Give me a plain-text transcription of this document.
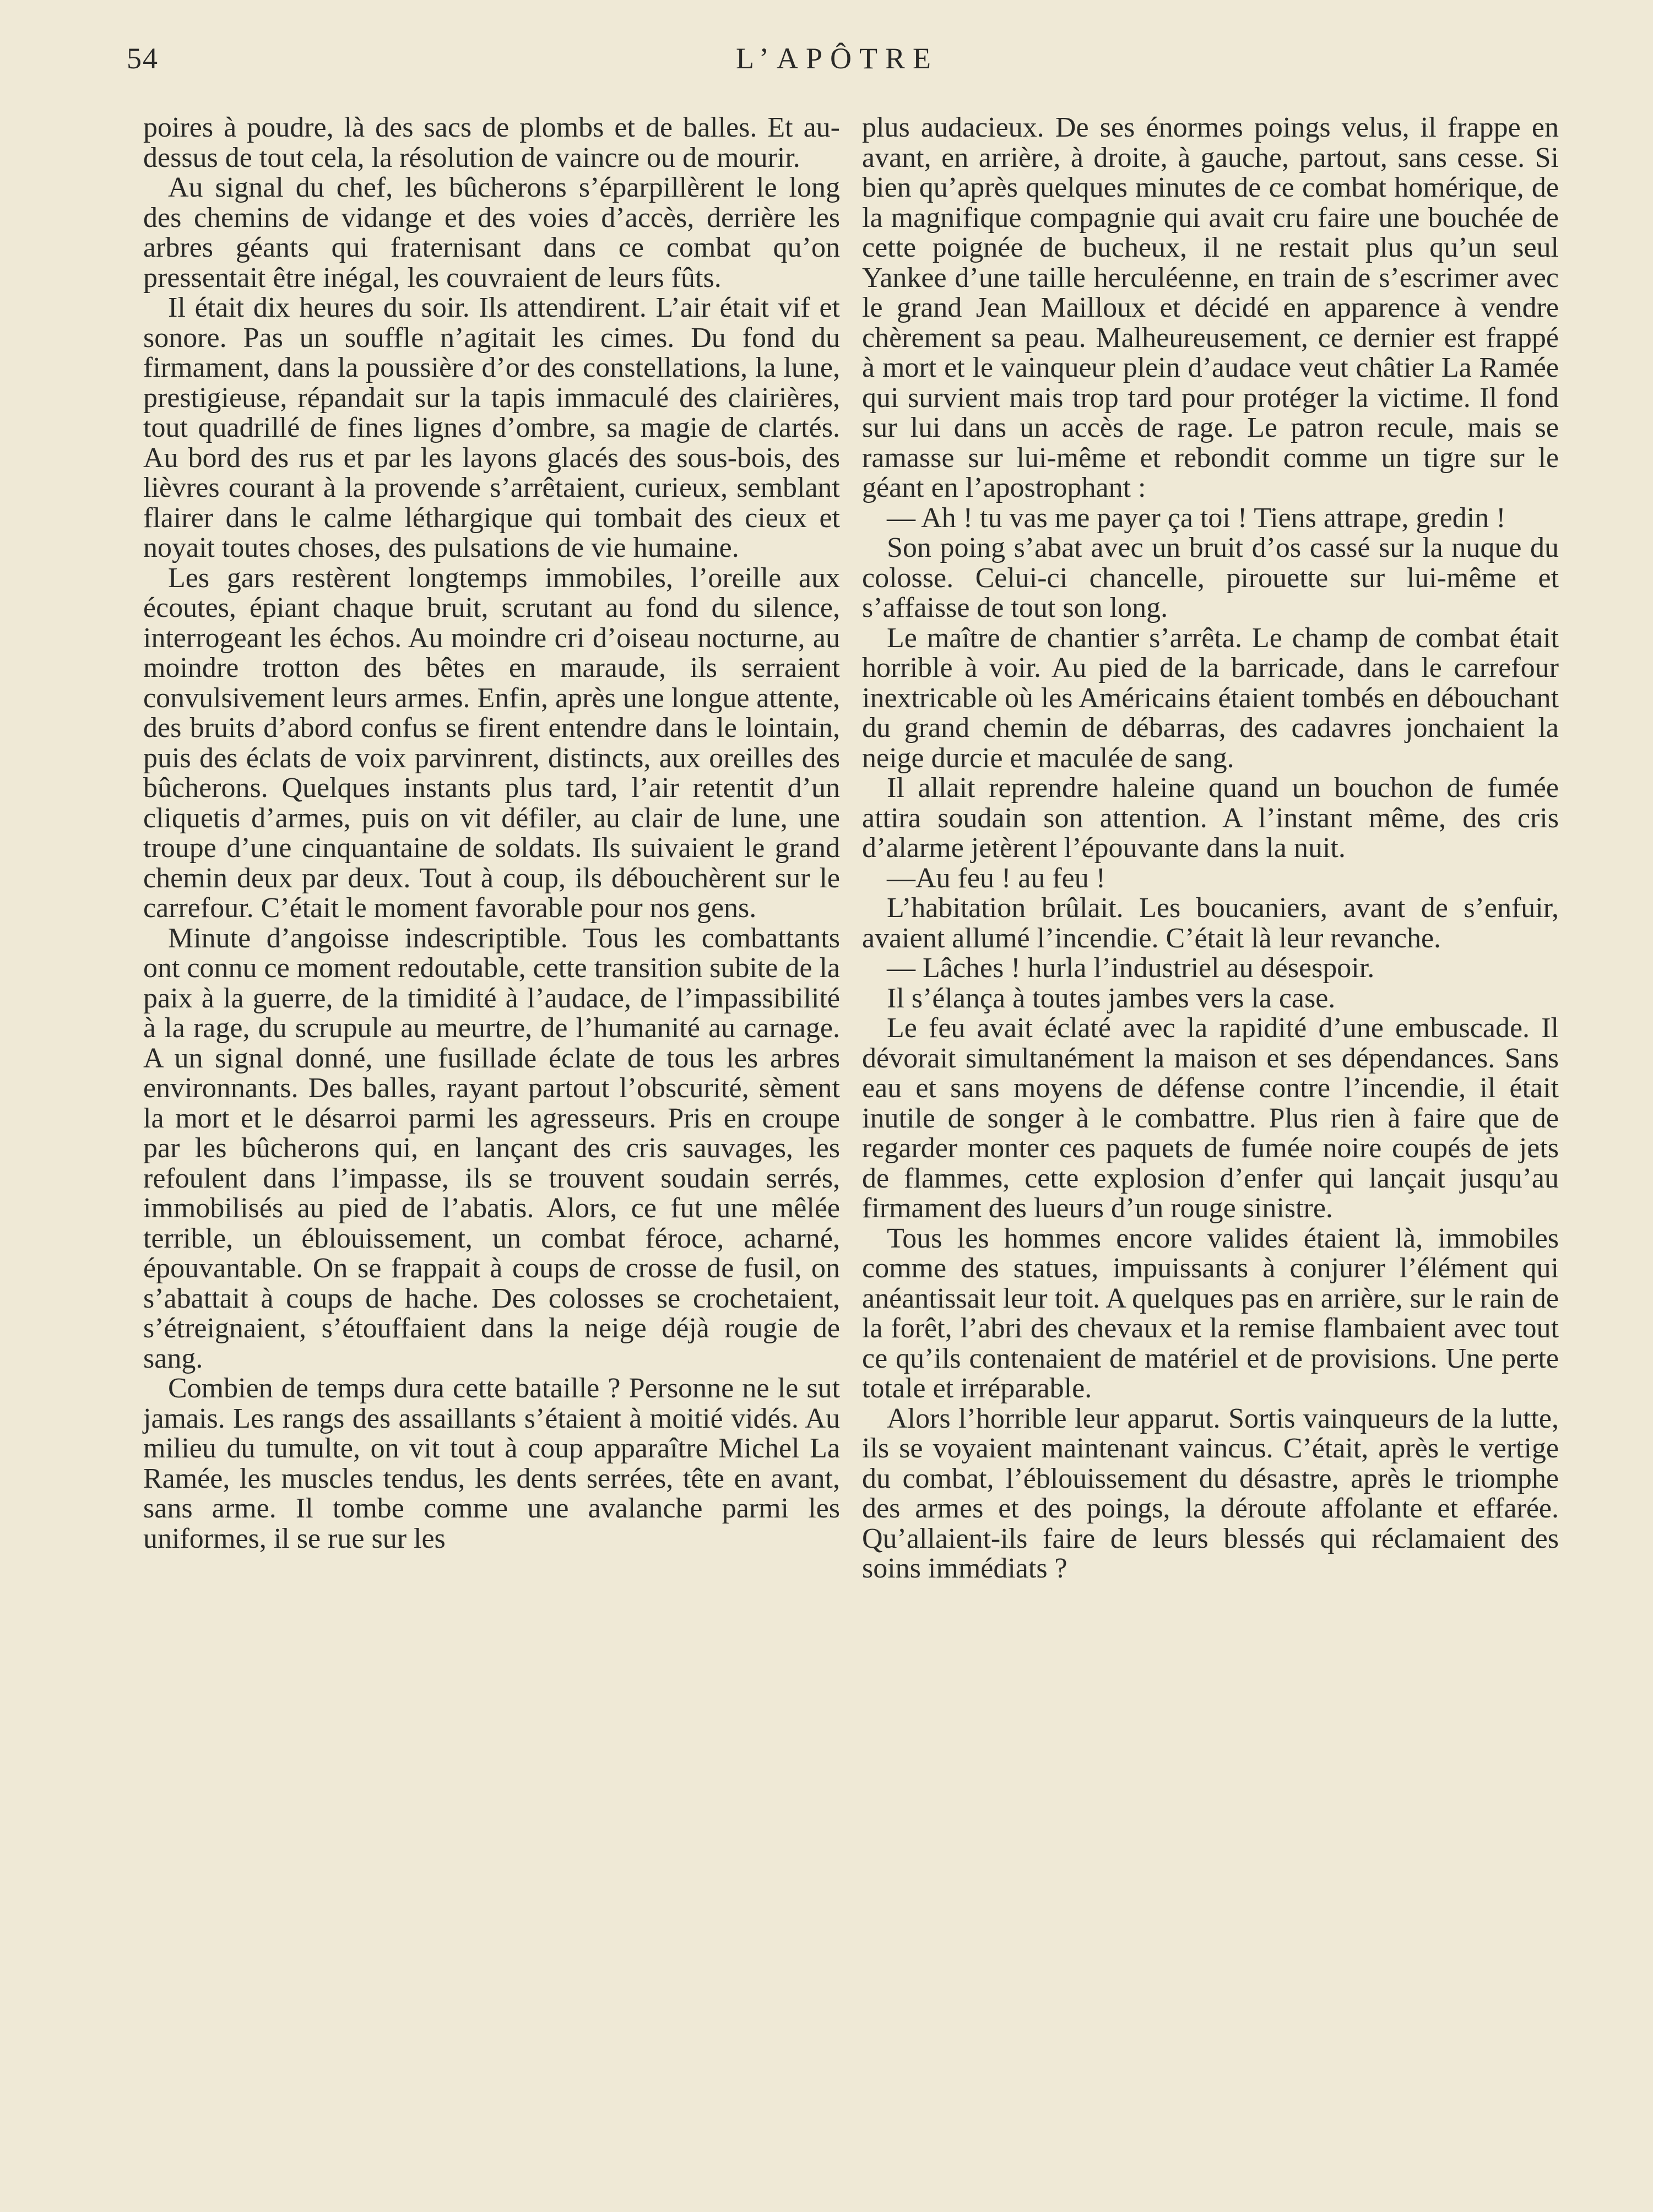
54	L’APÔTRE

poires à poudre, là des sacs de plombs et de balles. Et au-dessus de tout cela, la résolution de vaincre ou de mourir.

Au signal du chef, les bûcherons s’éparpillèrent le long des chemins de vidange et des voies d’accès, derrière les arbres géants qui fraternisant dans ce combat qu’on pressentait être inégal, les couvraient de leurs fûts.

Il était dix heures du soir. Ils attendirent. L’air était vif et sonore. Pas un souffle n’agitait les cimes. Du fond du firmament, dans la poussière d’or des constellations, la lune, prestigieuse, répandait sur la tapis immaculé des clairières, tout quadrillé de fines lignes d’ombre, sa magie de clartés. Au bord des rus et par les layons glacés des sous-bois, des lièvres courant à la provende s’arrêtaient, curieux, semblant flairer dans le calme léthargique qui tombait des cieux et noyait toutes choses, des pulsations de vie humaine.

Les gars restèrent longtemps immobiles, l’oreille aux écoutes, épiant chaque bruit, scrutant au fond du silence, interrogeant les échos. Au moindre cri d’oiseau nocturne, au moindre trotton des bêtes en maraude, ils serraient convulsivement leurs armes. Enfin, après une longue attente, des bruits d’abord confus se firent entendre dans le lointain, puis des éclats de voix parvinrent, distincts, aux oreilles des bûcherons. Quelques instants plus tard, l’air retentit d’un cliquetis d’armes, puis on vit défiler, au clair de lune, une troupe d’une cinquantaine de soldats. Ils suivaient le grand chemin deux par deux. Tout à coup, ils débouchèrent sur le carrefour. C’était le moment favorable pour nos gens.

Minute d’angoisse indescriptible. Tous les combattants ont connu ce moment redoutable, cette transition subite de la paix à la guerre, de la timidité à l’audace, de l’impassibilité à la rage, du scrupule au meurtre, de l’humanité au carnage. A un signal donné, une fusillade éclate de tous les arbres environnants. Des balles, rayant partout l’obscurité, sèment la mort et le désarroi parmi les agresseurs. Pris en croupe par les bûcherons qui, en lançant des cris sauvages, les refoulent dans l’impasse, ils se trouvent soudain serrés, immobilisés au pied de l’abatis. Alors, ce fut une mêlée terrible, un éblouissement, un combat féroce, acharné, épouvantable. On se frappait à coups de crosse de fusil, on s’abattait à coups de hache. Des colosses se crochetaient, s’étreignaient, s’étouffaient dans la neige déjà rougie de sang.

Combien de temps dura cette bataille ? Personne ne le sut jamais. Les rangs des assaillants s’étaient à moitié vidés. Au milieu du tumulte, on vit tout à coup apparaître Michel La Ramée, les muscles tendus, les dents serrées, tête en avant, sans arme. Il tombe comme une avalanche parmi les uniformes, il se rue sur les

plus audacieux. De ses énormes poings velus, il frappe en avant, en arrière, à droite, à gauche, partout, sans cesse. Si bien qu’après quelques minutes de ce combat homérique, de la magnifique compagnie qui avait cru faire une bouchée de cette poignée de bucheux, il ne restait plus qu’un seul Yankee d’une taille herculéenne, en train de s’escrimer avec le grand Jean Mailloux et décidé en apparence à vendre chèrement sa peau. Malheureusement, ce dernier est frappé à mort et le vainqueur plein d’audace veut châtier La Ramée qui survient mais trop tard pour protéger la victime. Il fond sur lui dans un accès de rage. Le patron recule, mais se ramasse sur lui-même et rebondit comme un tigre sur le géant en l’apostrophant :

— Ah ! tu vas me payer ça toi ! Tiens attrape, gredin !

Son poing s’abat avec un bruit d’os cassé sur la nuque du colosse. Celui-ci chancelle, pirouette sur lui-même et s’affaisse de tout son long.

Le maître de chantier s’arrêta. Le champ de combat était horrible à voir. Au pied de la barricade, dans le carrefour inextricable où les Américains étaient tombés en débouchant du grand chemin de débarras, des cadavres jonchaient la neige durcie et maculée de sang.

Il allait reprendre haleine quand un bouchon de fumée attira soudain son attention. A l’instant même, des cris d’alarme jetèrent l’épouvante dans la nuit.

—Au feu ! au feu !

L’habitation brûlait. Les boucaniers, avant de s’enfuir, avaient allumé l’incendie. C’était là leur revanche.

— Lâches ! hurla l’industriel au désespoir.

Il s’élança à toutes jambes vers la case.

Le feu avait éclaté avec la rapidité d’une embuscade. Il dévorait simultanément la maison et ses dépendances. Sans eau et sans moyens de défense contre l’incendie, il était inutile de songer à le combattre. Plus rien à faire que de regarder monter ces paquets de fumée noire coupés de jets de flammes, cette explosion d’enfer qui lançait jusqu’au firmament des lueurs d’un rouge sinistre.

Tous les hommes encore valides étaient là, immobiles comme des statues, impuissants à conjurer l’élément qui anéantissait leur toit. A quelques pas en arrière, sur le rain de la forêt, l’abri des chevaux et la remise flambaient avec tout ce qu’ils contenaient de matériel et de provisions. Une perte totale et irréparable.

Alors l’horrible leur apparut. Sortis vainqueurs de la lutte, ils se voyaient maintenant vaincus. C’était, après le vertige du combat, l’éblouissement du désastre, après le triomphe des armes et des poings, la déroute affolante et effarée. Qu’allaient-ils faire de leurs blessés qui réclamaient des soins immédiats ?
